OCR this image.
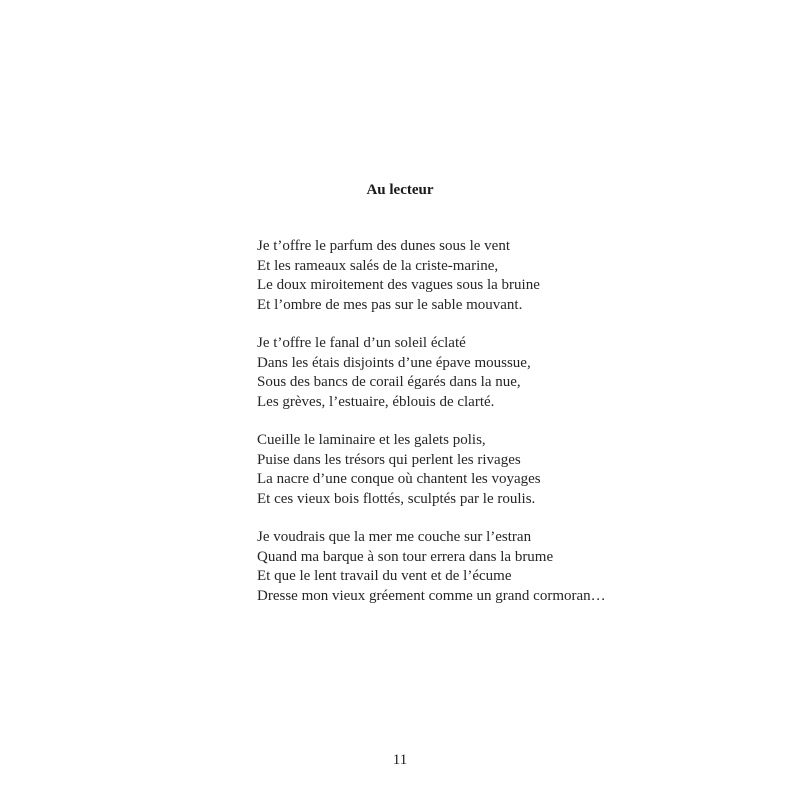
Au lecteur
Je t’offre le parfum des dunes sous le vent
Et les rameaux salés de la criste-marine,
Le doux miroitement des vagues sous la bruine
Et l’ombre de mes pas sur le sable mouvant.
Je t’offre le fanal d’un soleil éclaté
Dans les étais disjoints d’une épave moussue,
Sous des bancs de corail égarés dans la nue,
Les grèves, l’estuaire, éblouis de clarté.
Cueille le laminaire et les galets polis,
Puise dans les trésors qui perlent les rivages
La nacre d’une conque où chantent les voyages
Et ces vieux bois flottés, sculptés par le roulis.
Je voudrais que la mer me couche sur l’estran
Quand ma barque à son tour errera dans la brume
Et que le lent travail du vent et de l’écume
Dresse mon vieux gréement comme un grand cormoran…
11
